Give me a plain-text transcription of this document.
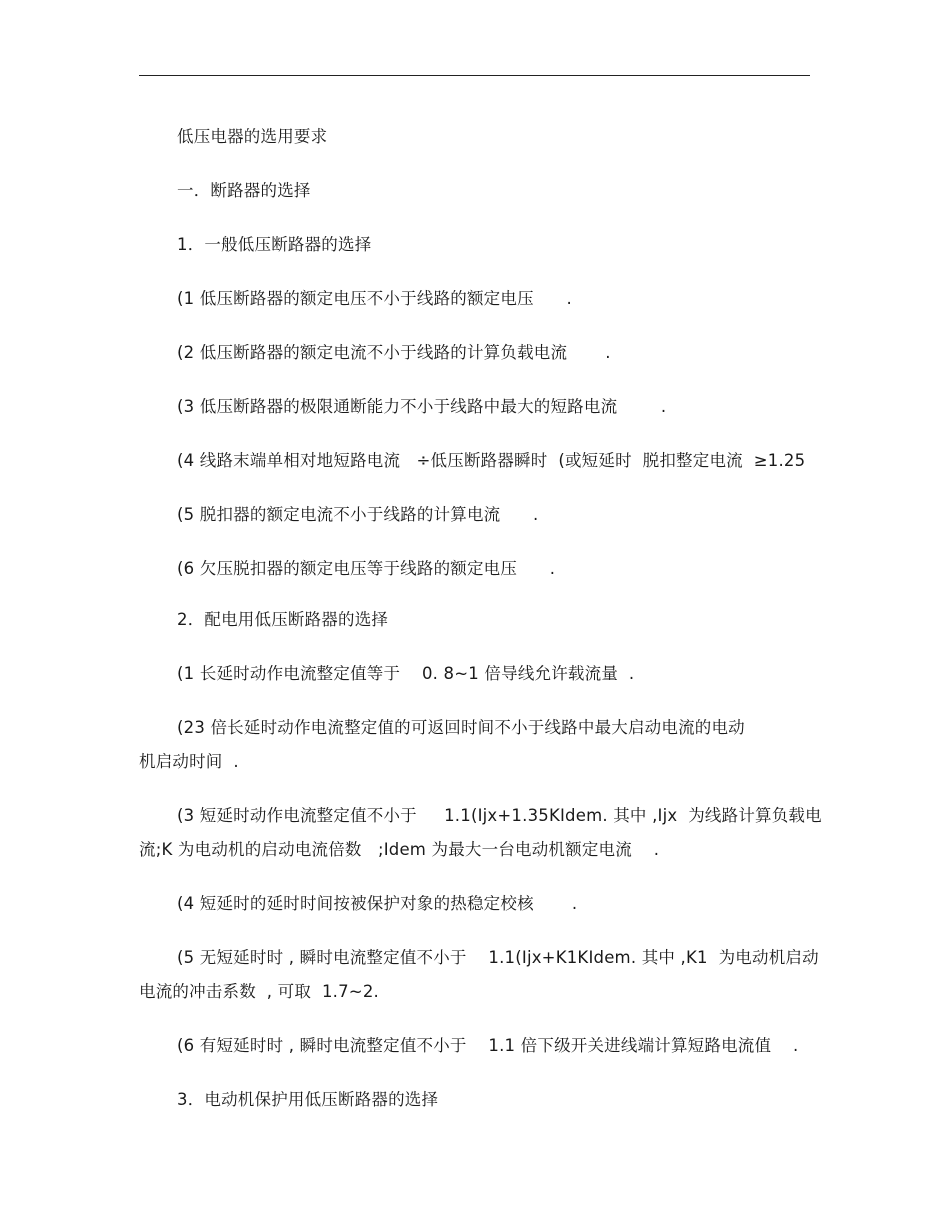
低压电器的选用要求
一．断路器的选择
1．一般低压断路器的选择
(1 低压断路器的额定电压不小于线路的额定电压      .
(2 低压断路器的额定电流不小于线路的计算负载电流       .
(3 低压断路器的极限通断能力不小于线路中最大的短路电流        .
(4 线路末端单相对地短路电流   ÷低压断路器瞬时  (或短延时  脱扣整定电流  ≥1.25
(5 脱扣器的额定电流不小于线路的计算电流      .
(6 欠压脱扣器的额定电压等于线路的额定电压      .
2．配电用低压断路器的选择
(1 长延时动作电流整定值等于    0. 8~1 倍导线允许载流量  .
(23 倍长延时动作电流整定值的可返回时间不小于线路中最大启动电流的电动
机启动时间  .
(3 短延时动作电流整定值不小于     1.1(Ijx+1.35KIdem. 其中 ,Ijx  为线路计算负载电
流;K 为电动机的启动电流倍数   ;Idem 为最大一台电动机额定电流    .
(4 短延时的延时时间按被保护对象的热稳定校核       .
(5 无短延时时 , 瞬时电流整定值不小于    1.1(Ijx+K1KIdem. 其中 ,K1  为电动机启动
电流的冲击系数  , 可取  1.7~2.
(6 有短延时时 , 瞬时电流整定值不小于    1.1 倍下级开关进线端计算短路电流值    .
3．电动机保护用低压断路器的选择
